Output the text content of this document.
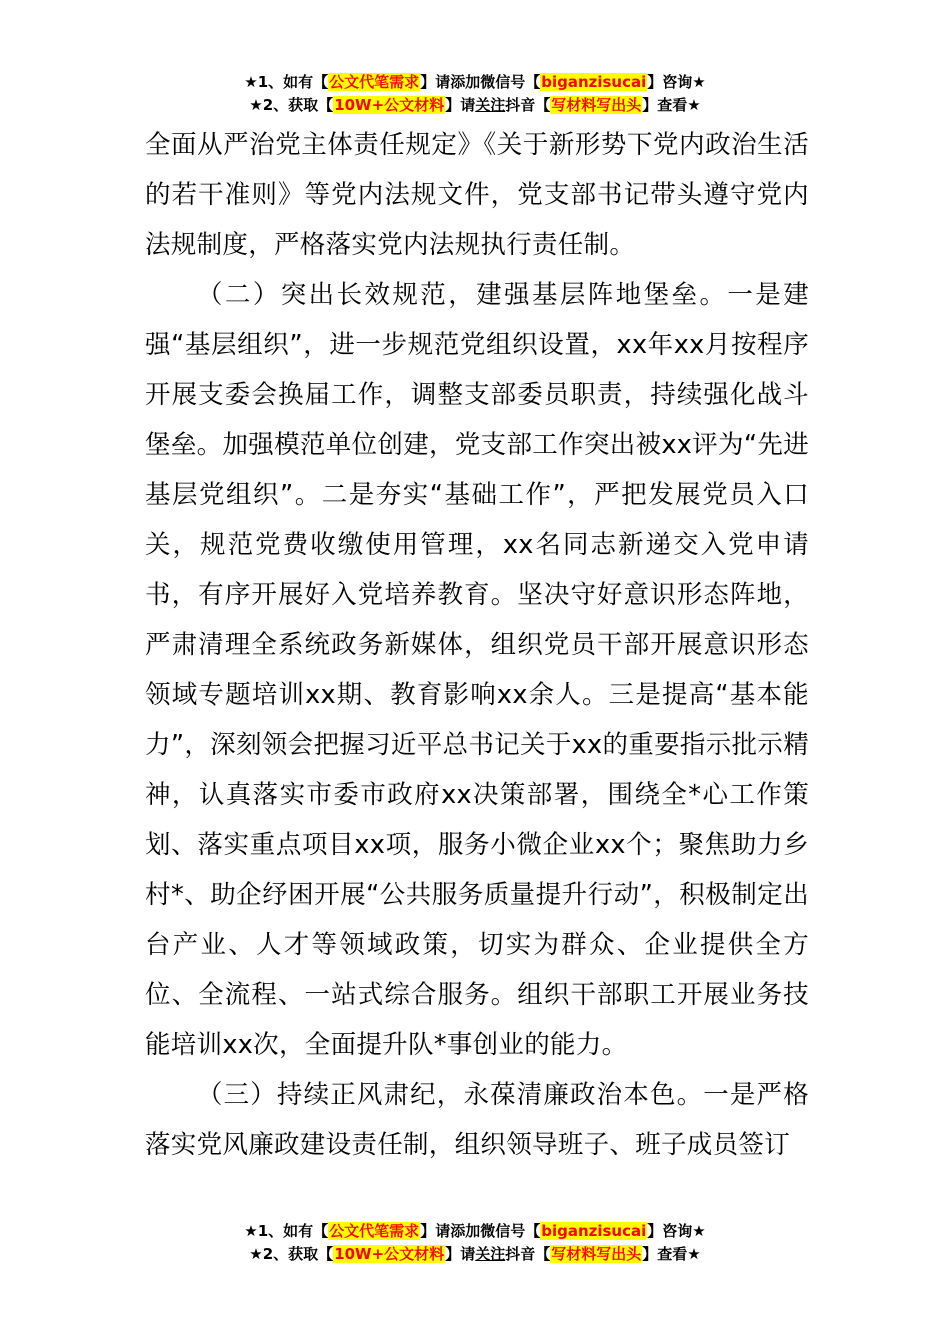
★1、如有【公文代笔需求】请添加微信号【biganzisucai】咨询★
★2、获取【10W+公文材料】请关注抖音【写材料写出头】查看★

全面从严治党主体责任规定》《关于新形势下党内政治生活的若干准则》等党内法规文件，党支部书记带头遵守党内法规制度，严格落实党内法规执行责任制。

（二）突出长效规范，建强基层阵地堡垒。一是建强“基层组织”，进一步规范党组织设置，xx年xx月按程序开展支委会换届工作，调整支部委员职责，持续强化战斗堡垒。加强模范单位创建，党支部工作突出被xx评为“先进基层党组织”。二是夯实“基础工作”，严把发展党员入口关，规范党费收缴使用管理，xx名同志新递交入党申请书，有序开展好入党培养教育。坚决守好意识形态阵地，严肃清理全系统政务新媒体，组织党员干部开展意识形态领域专题培训xx期、教育影响xx余人。三是提高“基本能力”，深刻领会把握习近平总书记关于xx的重要指示批示精神，认真落实市委市政府xx决策部署，围绕全*心工作策划、落实重点项目xx项，服务小微企业xx个；聚焦助力乡村*、助企纾困开展“公共服务质量提升行动”，积极制定出台产业、人才等领域政策，切实为群众、企业提供全方位、全流程、一站式综合服务。组织干部职工开展业务技能培训xx次，全面提升队*事创业的能力。

（三）持续正风肃纪，永葆清廉政治本色。一是严格落实党风廉政建设责任制，组织领导班子、班子成员签订

★1、如有【公文代笔需求】请添加微信号【biganzisucai】咨询★
★2、获取【10W+公文材料】请关注抖音【写材料写出头】查看★
